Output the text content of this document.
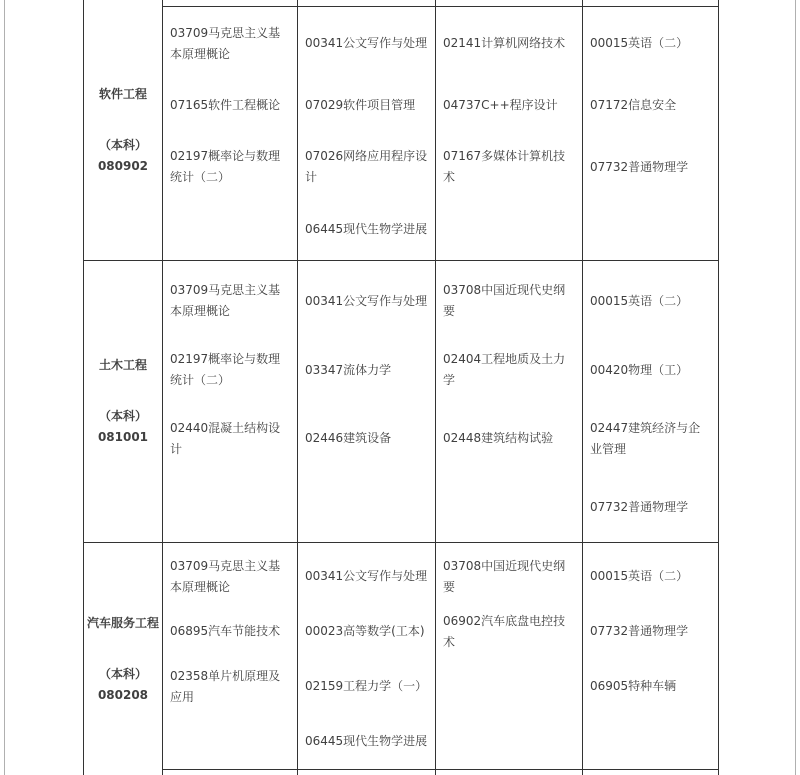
软件工程
（本科）
080902
土木工程
（本科）
081001
汽车服务工程
（本科）
080208
03709马克思主义基本原理概论
07165软件工程概论
02197概率论与数理统计（二）
03709马克思主义基本原理概论
02197概率论与数理统计（二）
02440混凝土结构设计
03709马克思主义基本原理概论
06895汽车节能技术
02358单片机原理及应用
00341公文写作与处理
07029软件项目管理
07026网络应用程序设计
06445现代生物学进展
00341公文写作与处理
03347流体力学
02446建筑设备
00341公文写作与处理
00023高等数学(工本)
02159工程力学（一）
06445现代生物学进展
02141计算机网络技术
04737C++程序设计
07167多媒体计算机技术
03708中国近现代史纲要
02404工程地质及土力学
02448建筑结构试验
03708中国近现代史纲要
06902汽车底盘电控技术
00015英语（二）
07172信息安全
07732普通物理学
00015英语（二）
00420物理（工）
02447建筑经济与企业管理
07732普通物理学
00015英语（二）
07732普通物理学
06905特种车辆
